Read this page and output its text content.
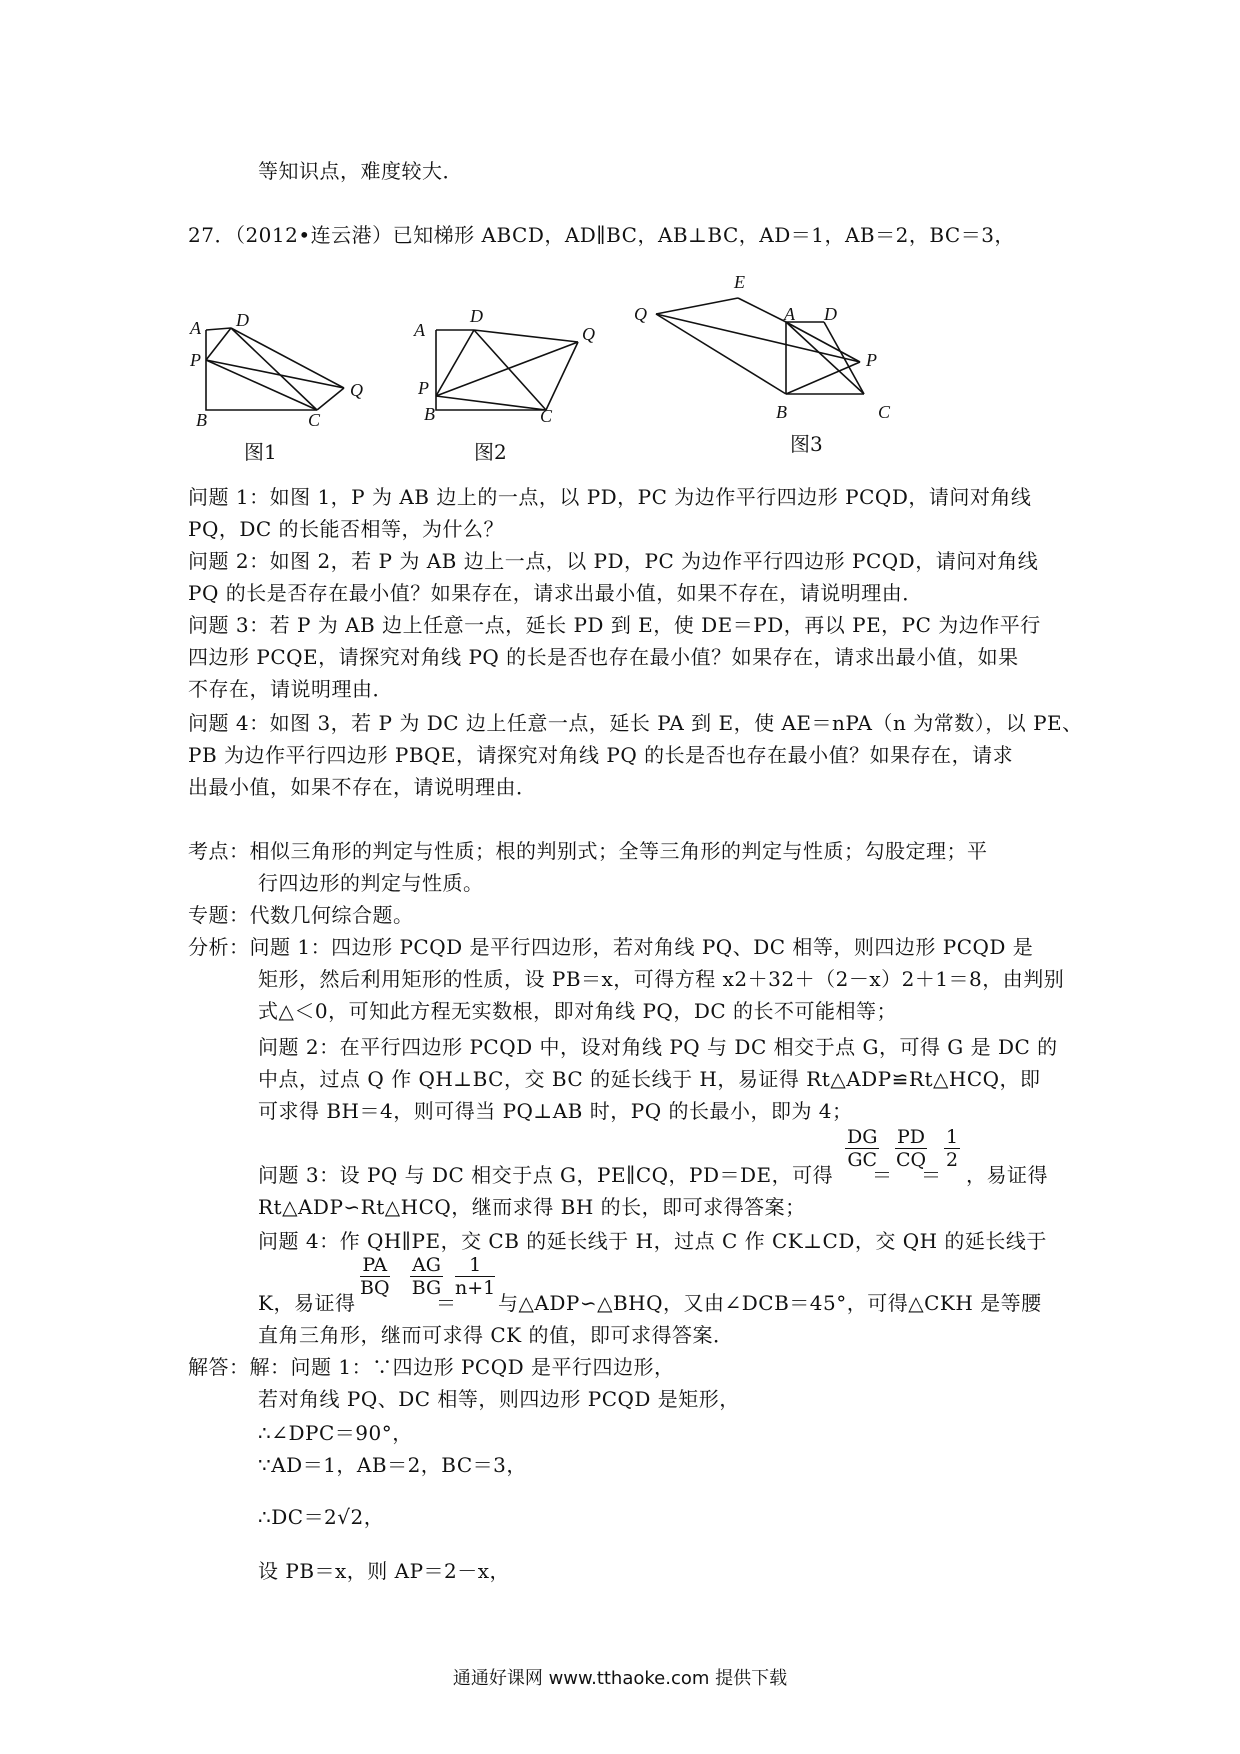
等知识点，难度较大．
27．（2012•连云港）已知梯形 ABCD，AD∥BC，AB⊥BC，AD＝1，AB＝2，BC＝3，
问题 1：如图 1，P 为 AB 边上的一点，以 PD，PC 为边作平行四边形 PCQD，请问对角线
PQ，DC 的长能否相等，为什么？
问题 2：如图 2，若 P 为 AB 边上一点，以 PD，PC 为边作平行四边形 PCQD，请问对角线
PQ 的长是否存在最小值？如果存在，请求出最小值，如果不存在，请说明理由．
问题 3：若 P 为 AB 边上任意一点，延长 PD 到 E，使 DE＝PD，再以 PE，PC 为边作平行
四边形 PCQE，请探究对角线 PQ 的长是否也存在最小值？如果存在，请求出最小值，如果
不存在，请说明理由．
问题 4：如图 3，若 P 为 DC 边上任意一点，延长 PA 到 E，使 AE＝nPA（n 为常数），以 PE、
PB 为边作平行四边形 PBQE，请探究对角线 PQ 的长是否也存在最小值？如果存在，请求
出最小值，如果不存在，请说明理由．
考点：相似三角形的判定与性质；根的判别式；全等三角形的判定与性质；勾股定理；平
行四边形的判定与性质。
专题：代数几何综合题。
分析：问题 1：四边形 PCQD 是平行四边形，若对角线 PQ、DC 相等，则四边形 PCQD 是
矩形，然后利用矩形的性质，设 PB＝x，可得方程 x2＋32＋（2－x）2＋1＝8，由判别
式△＜0，可知此方程无实数根，即对角线 PQ，DC 的长不可能相等；
问题 2：在平行四边形 PCQD 中，设对角线 PQ 与 DC 相交于点 G，可得 G 是 DC 的
中点，过点 Q 作 QH⊥BC，交 BC 的延长线于 H，易证得 Rt△ADP≌Rt△HCQ，即
可求得 BH＝4，则可得当 PQ⊥AB 时，PQ 的长最小，即为 4；
问题 3：设 PQ 与 DC 相交于点 G，PE∥CQ，PD＝DE，可得	，易证得
Rt△ADP∽Rt△HCQ，继而求得 BH 的长，即可求得答案；
问题 4：作 QH∥PE，交 CB 的延长线于 H，过点 C 作 CK⊥CD，交 QH 的延长线于
K，易证得	与△ADP∽△BHQ，又由∠DCB＝45°，可得△CKH 是等腰
直角三角形，继而可求得 CK 的值，即可求得答案．
解答：解：问题 1：∵四边形 PCQD 是平行四边形，
若对角线 PQ、DC 相等，则四边形 PCQD 是矩形，
∴∠DPC＝90°，
∵AD＝1，AB＝2，BC＝3，
∴DC＝2√2，
设 PB＝x，则 AP＝2－x，
$\frac{DG}{GC} \frac{PD}{CQ} \frac{1}{2}$
$\frac{PA}{BQ} \frac{AG}{BG} \frac{1}{n+1}$
A D
P
Q
B	C
图1
A
D
Q
P
B	C
图2
E
Q	A D
P
B	C
图3
＝ ＝
＝
通通好课网 www.tthaoke.com 提供下载
